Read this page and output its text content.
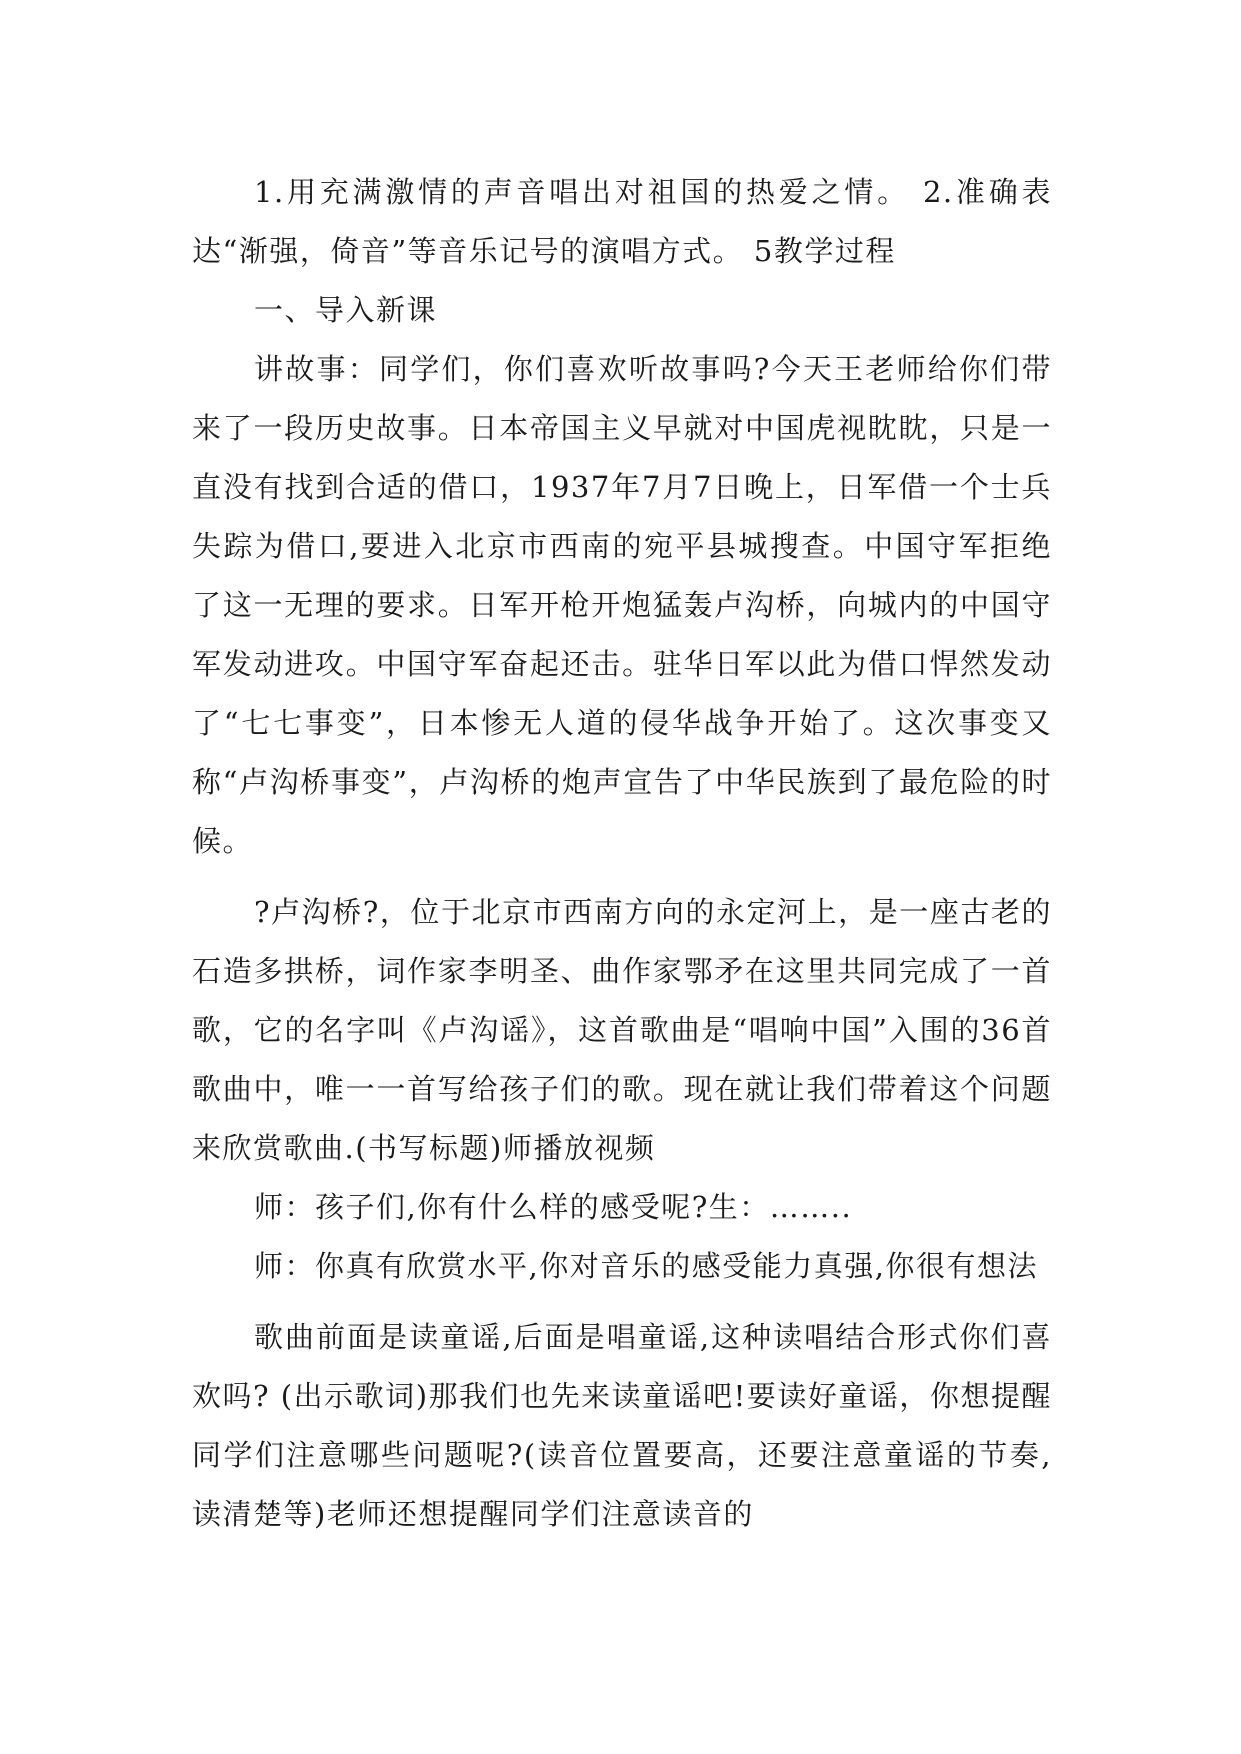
1.用充满激情的声音唱出对祖国的热爱之情。 2.准确表达“渐强，倚音”等音乐记号的演唱方式。 5教学过程

一、导入新课

讲故事：同学们，你们喜欢听故事吗?今天王老师给你们带来了一段历史故事。日本帝国主义早就对中国虎视眈眈，只是一直没有找到合适的借口，1937年7月7日晚上，日军借一个士兵失踪为借口,要进入北京市西南的宛平县城搜查。中国守军拒绝了这一无理的要求。日军开枪开炮猛轰卢沟桥，向城内的中国守军发动进攻。中国守军奋起还击。驻华日军以此为借口悍然发动了“七七事变”，日本惨无人道的侵华战争开始了。这次事变又称“卢沟桥事变”，卢沟桥的炮声宣告了中华民族到了最危险的时候。

?卢沟桥?，位于北京市西南方向的永定河上，是一座古老的石造多拱桥，词作家李明圣、曲作家鄂矛在这里共同完成了一首歌，它的名字叫《卢沟谣》，这首歌曲是“唱响中国”入围的36首歌曲中，唯一一首写给孩子们的歌。现在就让我们带着这个问题来欣赏歌曲.(书写标题)师播放视频

师：孩子们,你有什么样的感受呢?生：……..

师：你真有欣赏水平,你对音乐的感受能力真强,你很有想法

歌曲前面是读童谣,后面是唱童谣,这种读唱结合形式你们喜欢吗? (出示歌词)那我们也先来读童谣吧!要读好童谣，你想提醒同学们注意哪些问题呢?(读音位置要高，还要注意童谣的节奏,读清楚等)老师还想提醒同学们注意读音的
